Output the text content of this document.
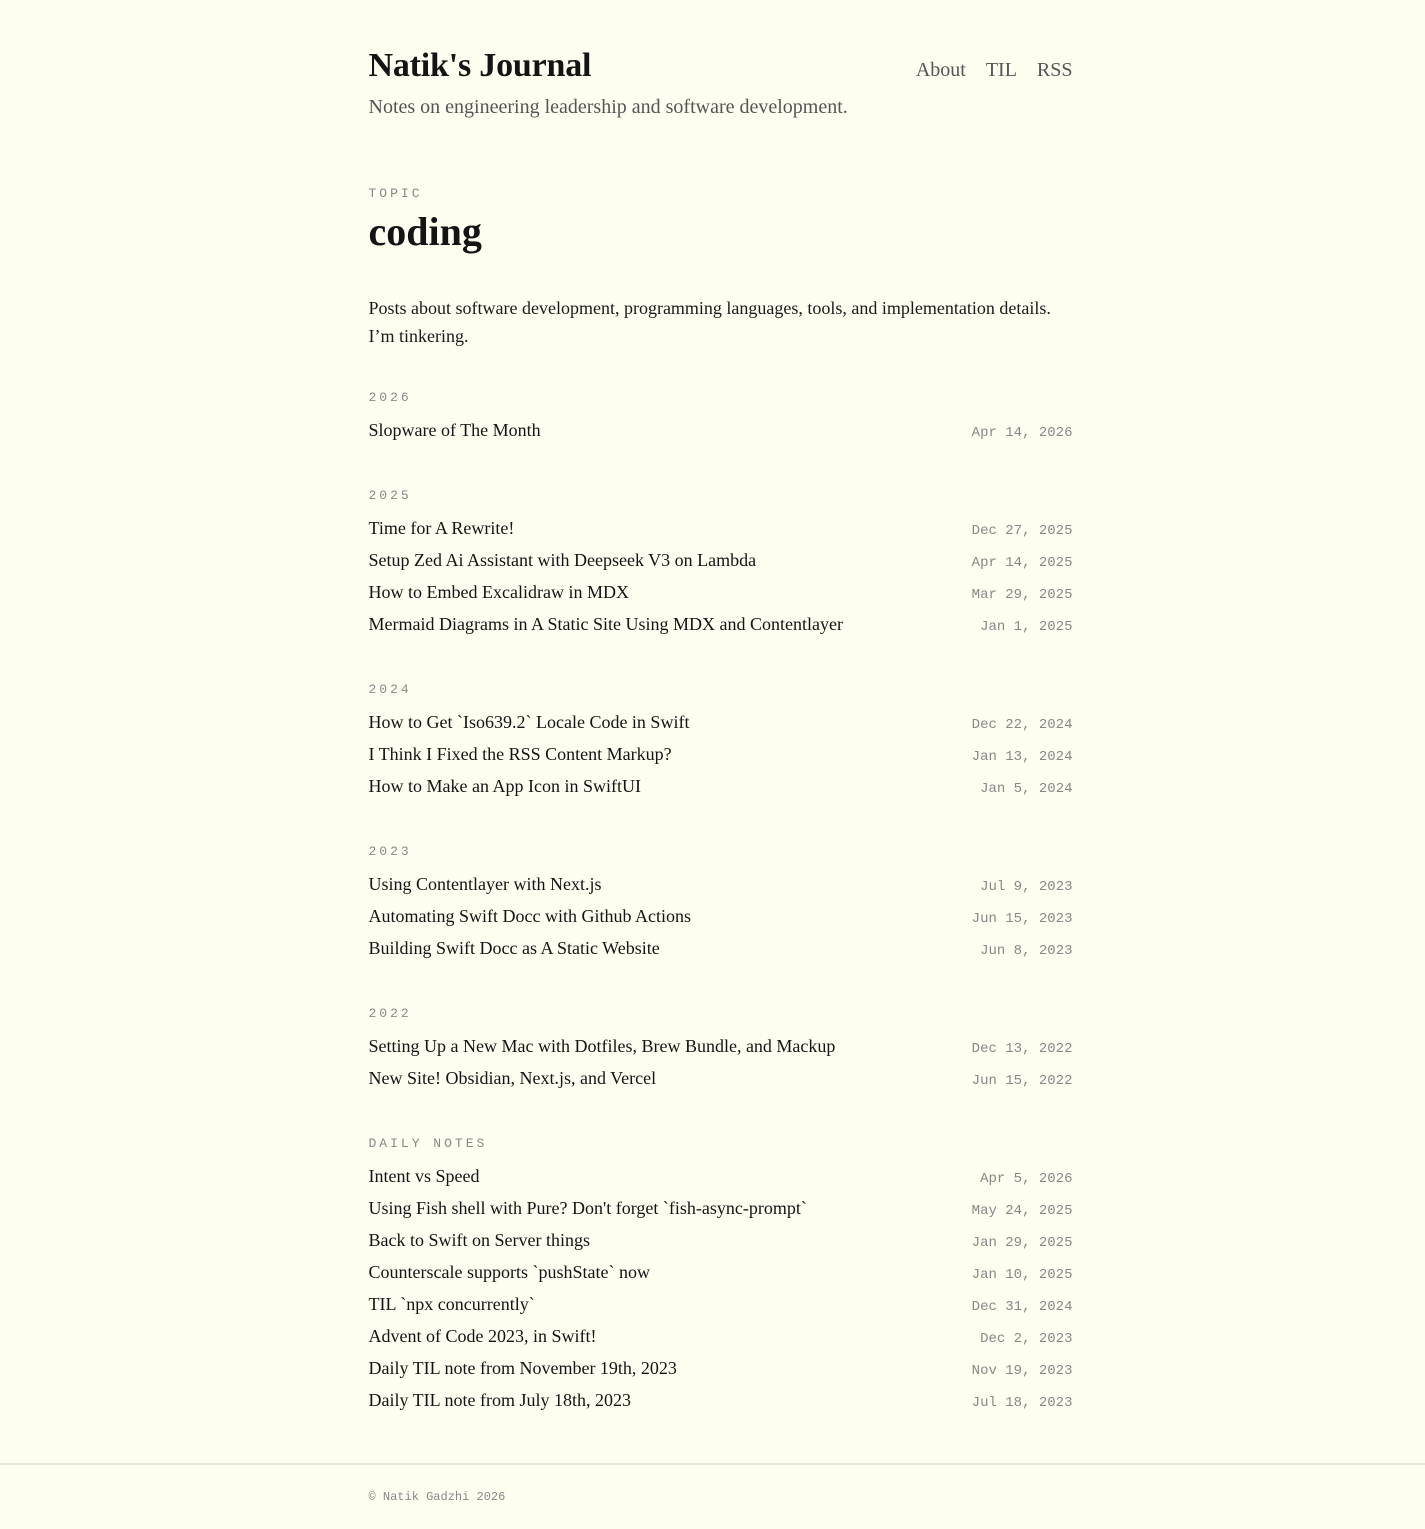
Natik's Journal
Notes on engineering leadership and software development.
About TIL RSS
TOPIC
coding
Posts about software development, programming languages, tools, and implementation details.
I’m tinkering.
2026
Slopware of The Month	Apr 14, 2026
2025
Time for A Rewrite!	Dec 27, 2025
Setup Zed Ai Assistant with Deepseek V3 on Lambda	Apr 14, 2025
How to Embed Excalidraw in MDX	Mar 29, 2025
Mermaid Diagrams in A Static Site Using MDX and Contentlayer	Jan 1, 2025
2024
How to Get `Iso639.2` Locale Code in Swift	Dec 22, 2024
I Think I Fixed the RSS Content Markup?	Jan 13, 2024
How to Make an App Icon in SwiftUI	Jan 5, 2024
2023
Using Contentlayer with Next.js	Jul 9, 2023
Automating Swift Docc with Github Actions	Jun 15, 2023
Building Swift Docc as A Static Website	Jun 8, 2023
2022
Setting Up a New Mac with Dotfiles, Brew Bundle, and Mackup	Dec 13, 2022
New Site! Obsidian, Next.js, and Vercel	Jun 15, 2022
DAILY NOTES
Intent vs Speed	Apr 5, 2026
Using Fish shell with Pure? Don't forget `fish-async-prompt`	May 24, 2025
Back to Swift on Server things	Jan 29, 2025
Counterscale supports `pushState` now	Jan 10, 2025
TIL `npx concurrently`	Dec 31, 2024
Advent of Code 2023, in Swift!	Dec 2, 2023
Daily TIL note from November 19th, 2023	Nov 19, 2023
Daily TIL note from July 18th, 2023	Jul 18, 2023
© Natik Gadzhi 2026
